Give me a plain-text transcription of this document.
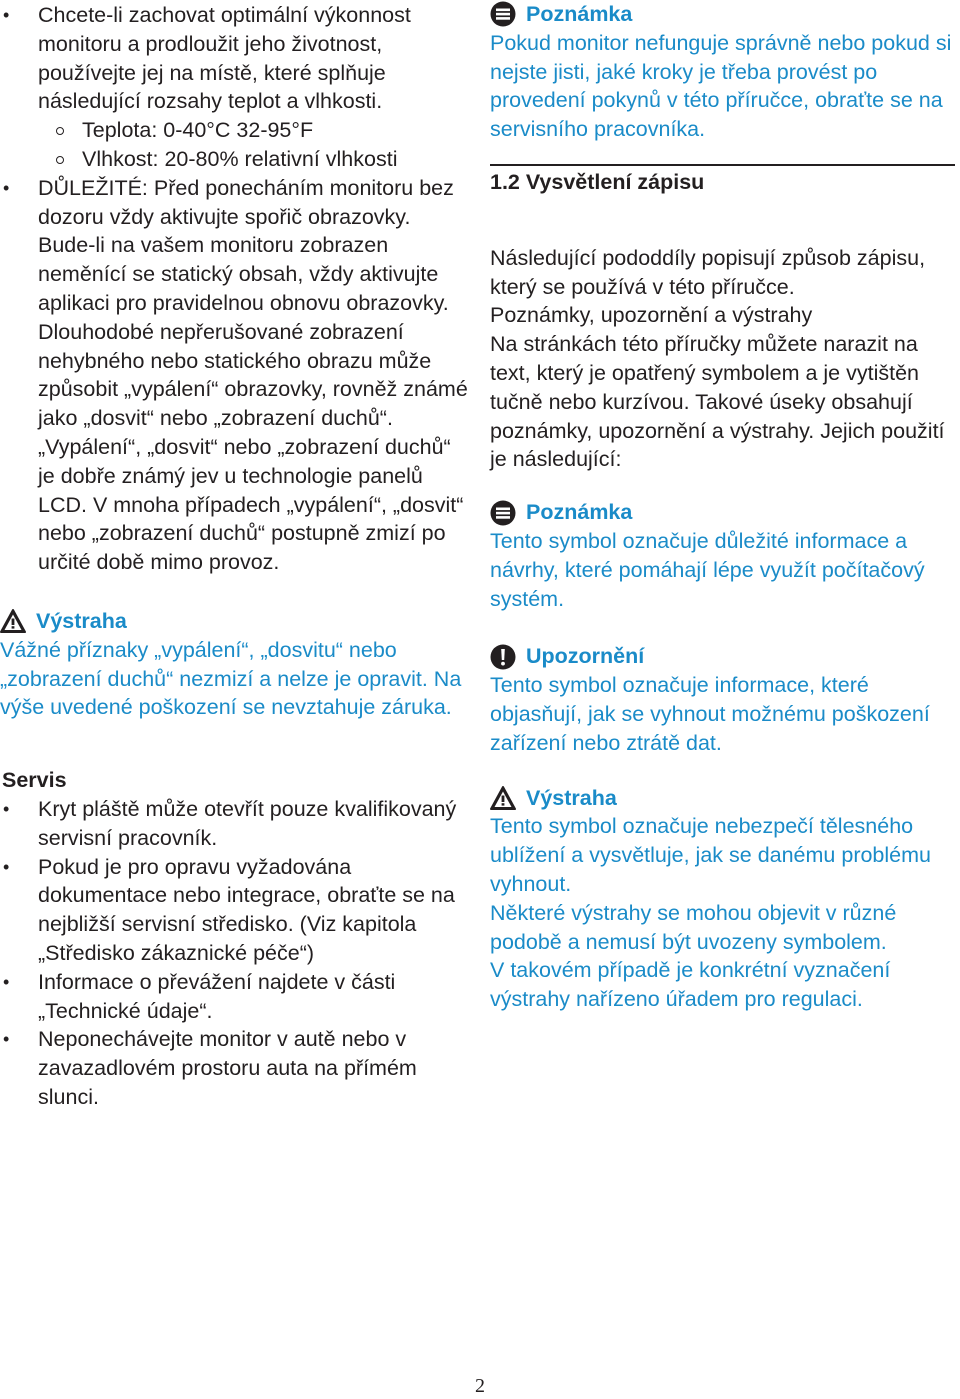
• Chcete-li zachovat optimální výkonnost monitoru a prodloužit jeho životnost, používejte jej na místě, které splňuje následující rozsahy teplot a vlhkosti.
Teplota: 0-40°C 32-95°F
Vlhkost: 20-80% relativní vlhkosti
• DŮLEŽITÉ: Před ponecháním monitoru bez dozoru vždy aktivujte spořič obrazovky. Bude-li na vašem monitoru zobrazen neměnící se statický obsah, vždy aktivujte aplikaci pro pravidelnou obnovu obrazovky. Dlouhodobé nepřerušované zobrazení nehybného nebo statického obrazu může způsobit „vypálení“ obrazovky, rovněž známé jako „dosvit“ nebo „zobrazení duchů“. „Vypálení“, „dosvit“ nebo „zobrazení duchů“ je dobře známý jev u technologie panelů LCD. V mnoha případech „vypálení“, „dosvit“ nebo „zobrazení duchů“ postupně zmizí po určité době mimo provoz.
Výstraha

Vážné příznaky „vypálení“, „dosvitu“ nebo „zobrazení duchů“ nezmizí a nelze je opravit. Na výše uvedené poškození se nevztahuje záruka.

Servis
• Kryt pláště může otevřít pouze kvalifikovaný servisní pracovník.
• Pokud je pro opravu vyžadována dokumentace nebo integrace, obraťte se na nejbližší servisní středisko. (Viz kapitola „Středisko zákaznické péče“)
• Informace o převážení najdete v části „Technické údaje“.
• Neponechávejte monitor v autě nebo v zavazadlovém prostoru auta na přímém slunci.
Poznámka

Pokud monitor nefunguje správně nebo pokud si nejste jisti, jaké kroky je třeba provést po provedení pokynů v této příručce, obraťte se na servisního pracovníka.

1.2 Vysvětlení zápisu

Následující pododdíly popisují způsob zápisu, který se používá v této příručce.

Poznámky, upozornění a výstrahy

Na stránkách této příručky můžete narazit na text, který je opatřený symbolem a je vytištěn tučně nebo kurzívou. Takové úseky obsahují poznámky, upozornění a výstrahy. Jejich použití je následující:

Poznámka

Tento symbol označuje důležité informace a návrhy, které pomáhají lépe využít počítačový systém.

Upozornění

Tento symbol označuje informace, které objasňují, jak se vyhnout možnému poškození zařízení nebo ztrátě dat.

Výstraha

Tento symbol označuje nebezpečí tělesného ublížení a vysvětluje, jak se danému problému vyhnout.

Některé výstrahy se mohou objevit v různé podobě a nemusí být uvozeny symbolem.

V takovém případě je konkrétní vyznačení výstrahy nařízeno úřadem pro regulaci.

2
